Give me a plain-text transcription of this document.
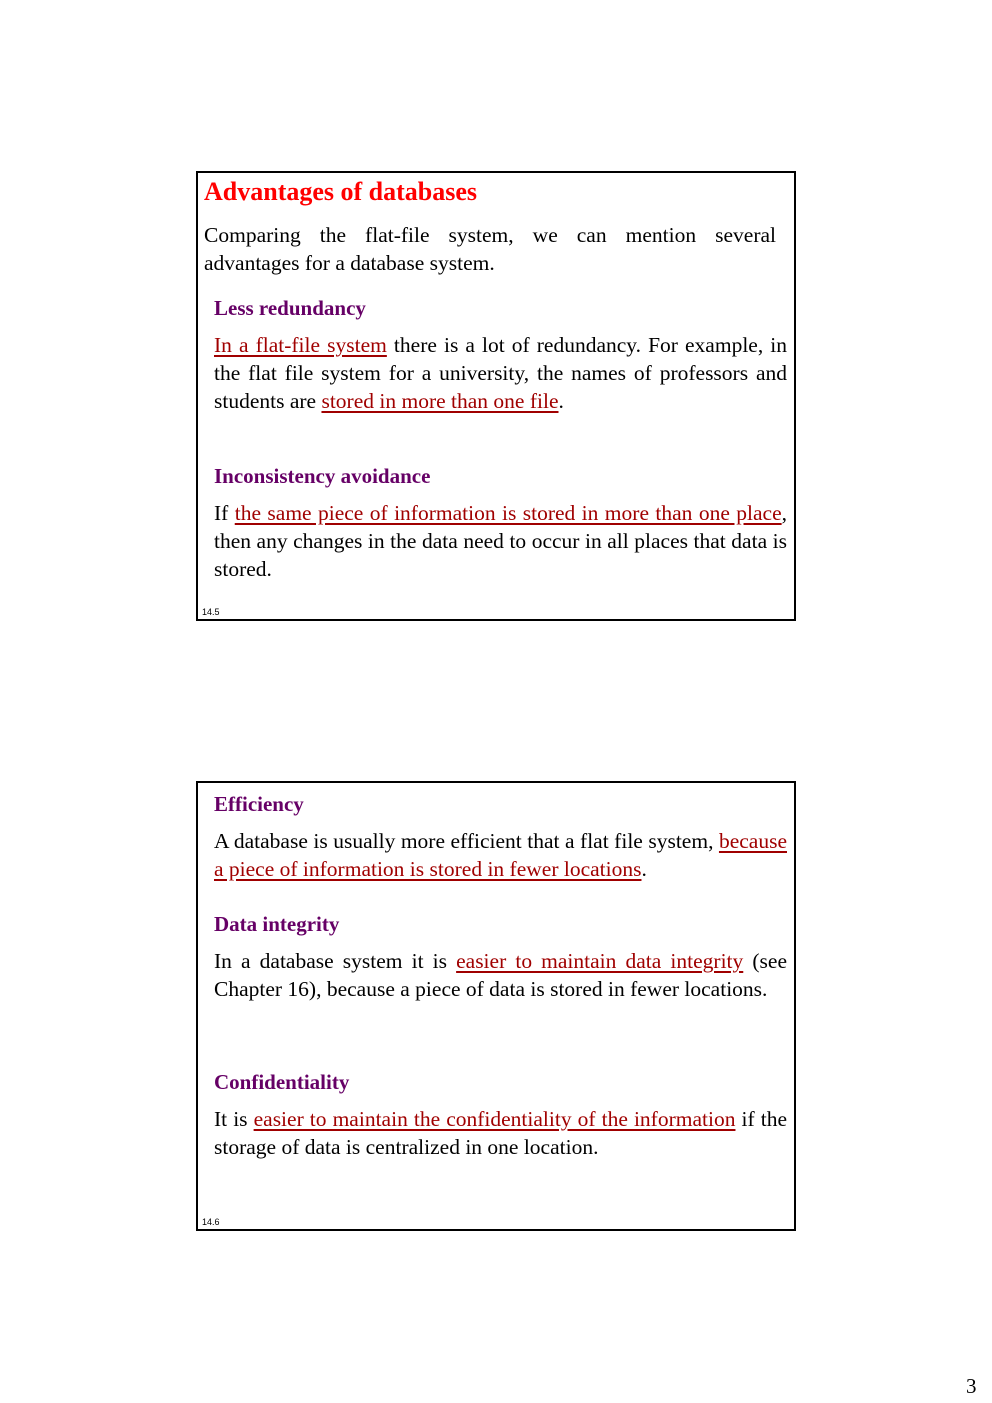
Advantages of databases

Comparing the flat-file system, we can mention several advantages for a database system.

Less redundancy

In a flat-file system there is a lot of redundancy. For example, in the flat file system for a university, the names of professors and students are stored in more than one file.

Inconsistency avoidance

If the same piece of information is stored in more than one place, then any changes in the data need to occur in all places that data is stored.

14.5
Efficiency

A database is usually more efficient that a flat file system, because a piece of information is stored in fewer locations.

Data integrity

In a database system it is easier to maintain data integrity (see Chapter 16), because a piece of data is stored in fewer locations.

Confidentiality

It is easier to maintain the confidentiality of the information if the storage of data is centralized in one location.

14.6
3
